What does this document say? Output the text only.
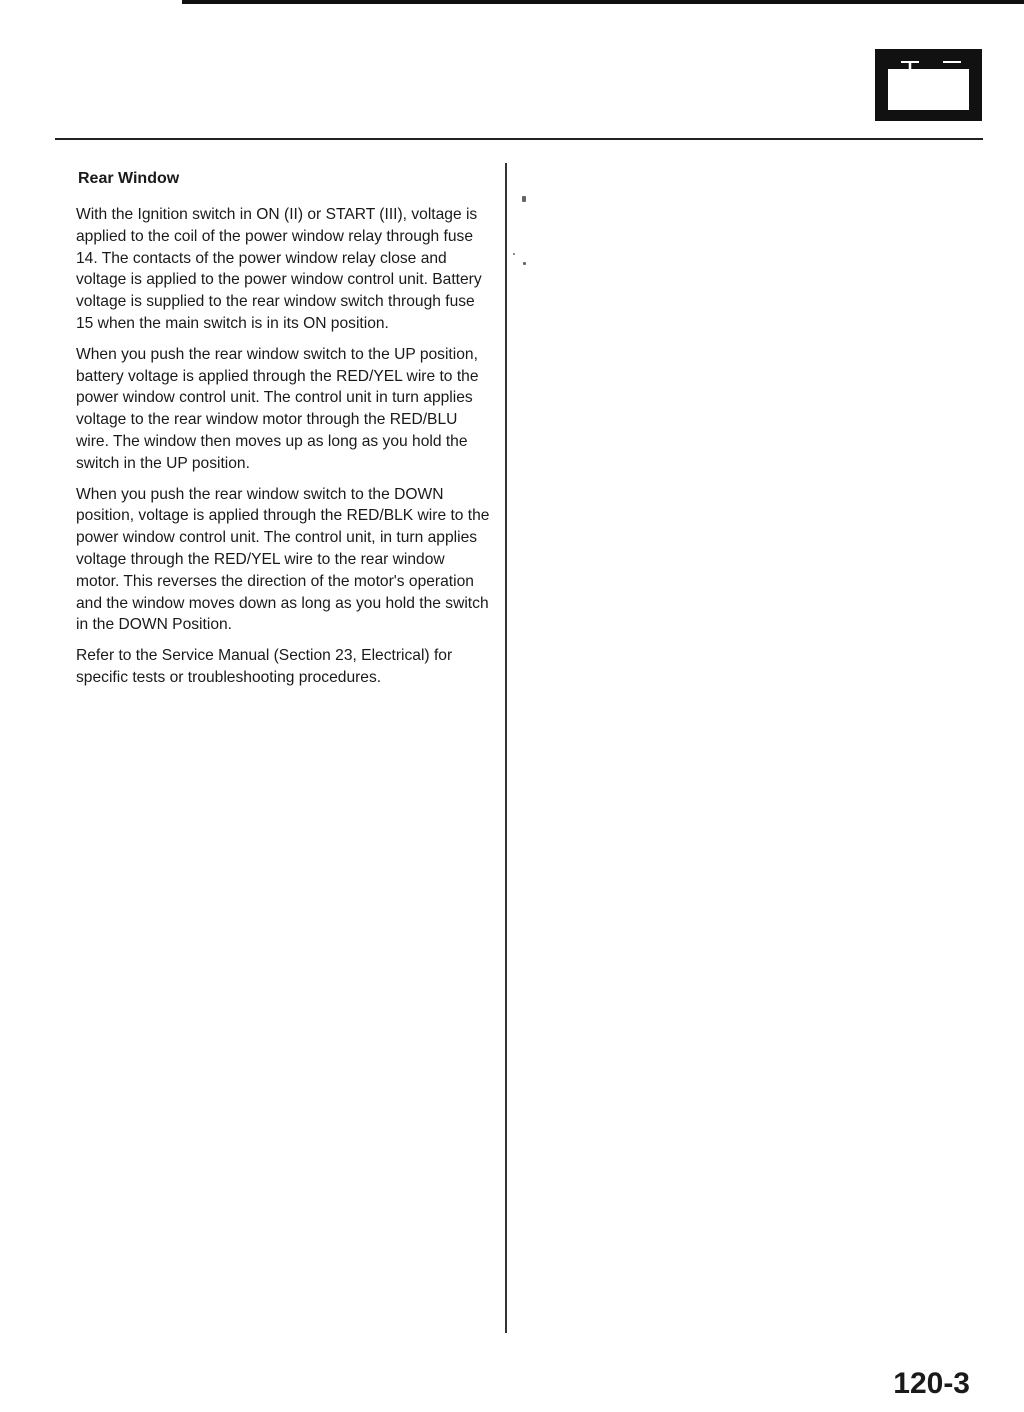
Rear Window

With the Ignition switch in ON (II) or START (III), voltage is applied to the coil of the power window relay through fuse 14. The contacts of the power window relay close and voltage is applied to the power window control unit. Battery voltage is supplied to the rear window switch through fuse 15 when the main switch is in its ON position.

When you push the rear window switch to the UP position, battery voltage is applied through the RED/YEL wire to the power window control unit. The control unit in turn applies voltage to the rear window motor through the RED/BLU wire. The window then moves up as long as you hold the switch in the UP position.

When you push the rear window switch to the DOWN position, voltage is applied through the RED/BLK wire to the power window control unit. The control unit, in turn applies voltage through the RED/YEL wire to the rear window motor. This reverses the direction of the motor's operation and the window moves down as long as you hold the switch in the DOWN Position.

Refer to the Service Manual (Section 23, Electrical) for specific tests or troubleshooting procedures.

120-3
